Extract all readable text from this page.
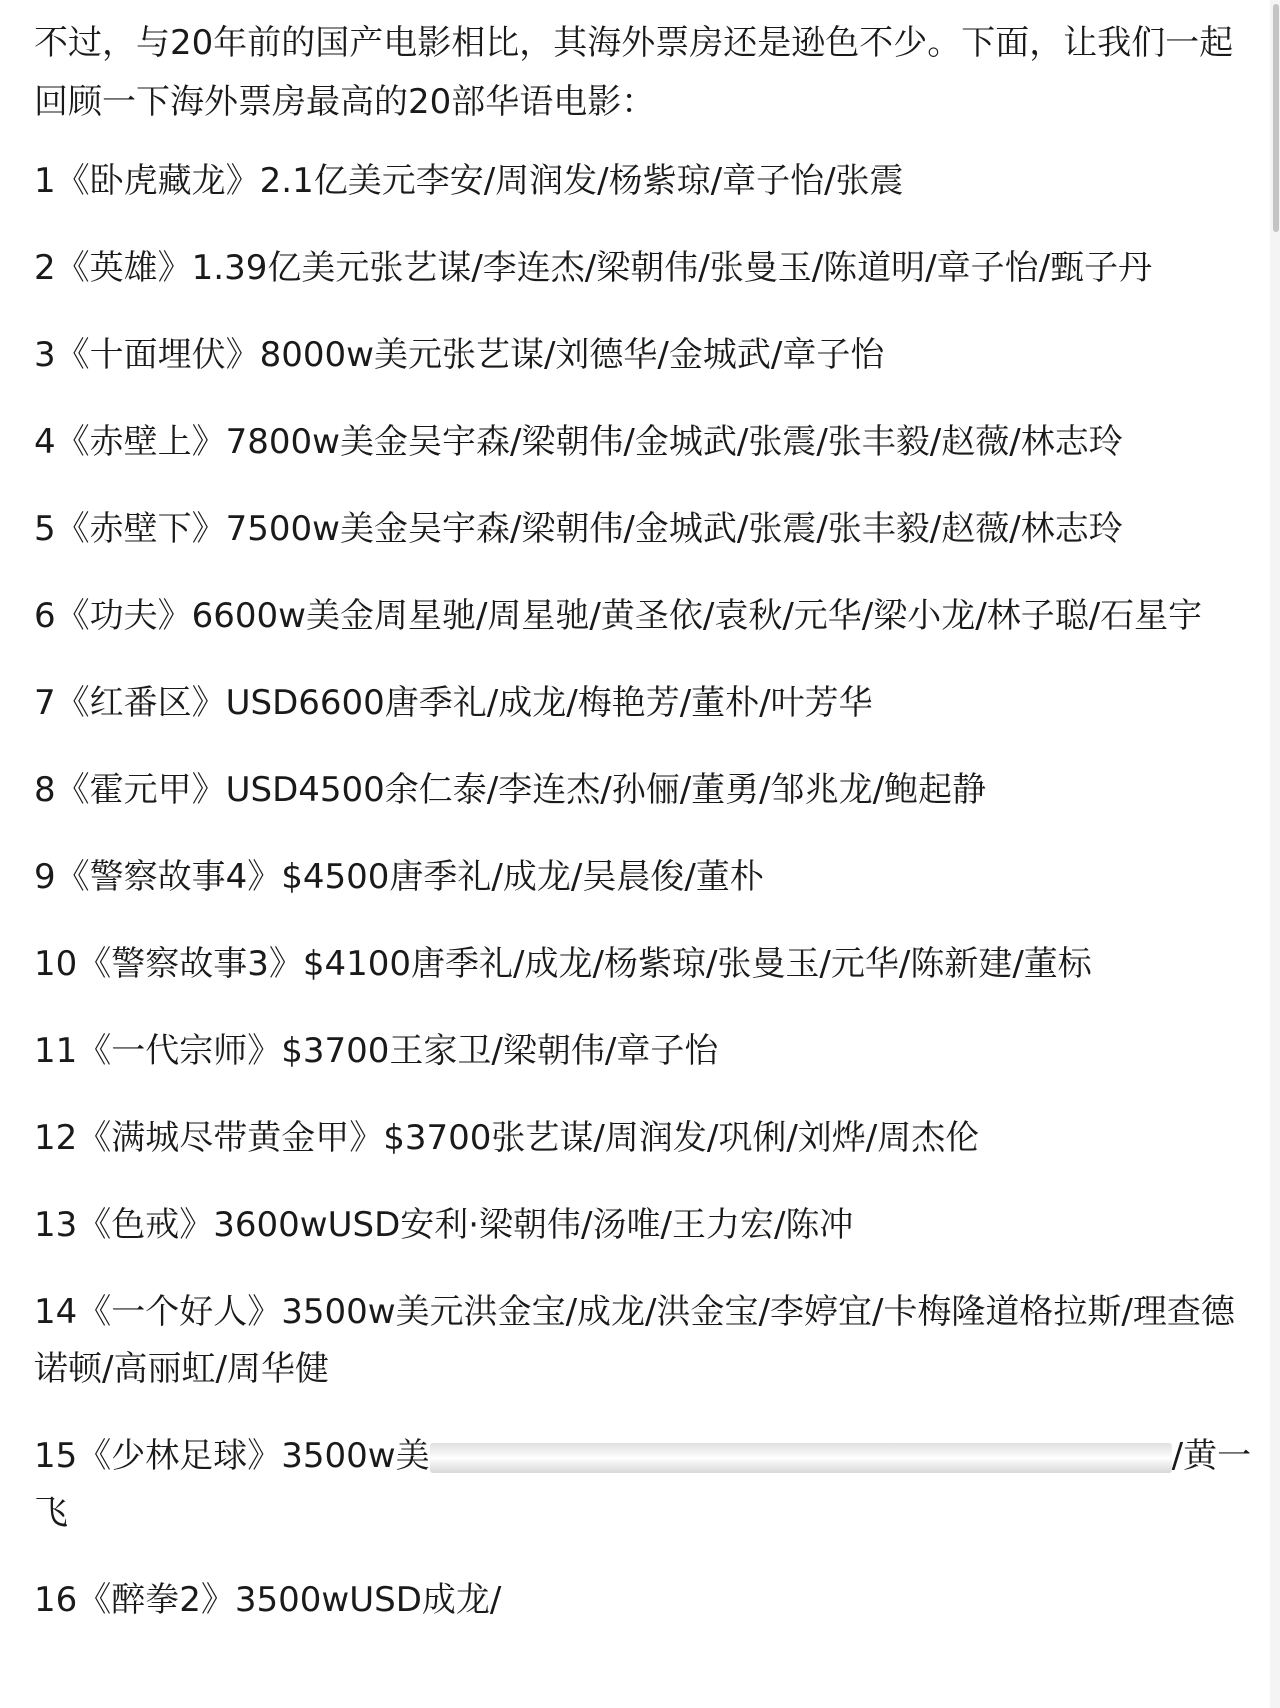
不过，与20年前的国产电影相比，其海外票房还是逊色不少。下面，让我们一起回顾一下海外票房最高的20部华语电影：

1《卧虎藏龙》2.1亿美元李安/周润发/杨紫琼/章子怡/张震
2《英雄》1.39亿美元张艺谋/李连杰/梁朝伟/张曼玉/陈道明/章子怡/甄子丹
3《十面埋伏》8000w美元张艺谋/刘德华/金城武/章子怡
4《赤壁上》7800w美金吴宇森/梁朝伟/金城武/张震/张丰毅/赵薇/林志玲
5《赤壁下》7500w美金吴宇森/梁朝伟/金城武/张震/张丰毅/赵薇/林志玲
6《功夫》6600w美金周星驰/周星驰/黄圣依/袁秋/元华/梁小龙/林子聪/石星宇
7《红番区》USD6600唐季礼/成龙/梅艳芳/董朴/叶芳华
8《霍元甲》USD4500余仁泰/李连杰/孙俪/董勇/邹兆龙/鲍起静
9《警察故事4》$4500唐季礼/成龙/吴晨俊/董朴
10《警察故事3》$4100唐季礼/成龙/杨紫琼/张曼玉/元华/陈新建/董标
11《一代宗师》$3700王家卫/梁朝伟/章子怡
12《满城尽带黄金甲》$3700张艺谋/周润发/巩俐/刘烨/周杰伦
13《色戒》3600wUSD安利·梁朝伟/汤唯/王力宏/陈冲
14《一个好人》3500w美元洪金宝/成龙/洪金宝/李婷宜/卡梅隆道格拉斯/理查德诺顿/高丽虹/周华健
15《少林足球》3500w美	/黄一飞
16《醉拳2》3500wUSD成龙/
